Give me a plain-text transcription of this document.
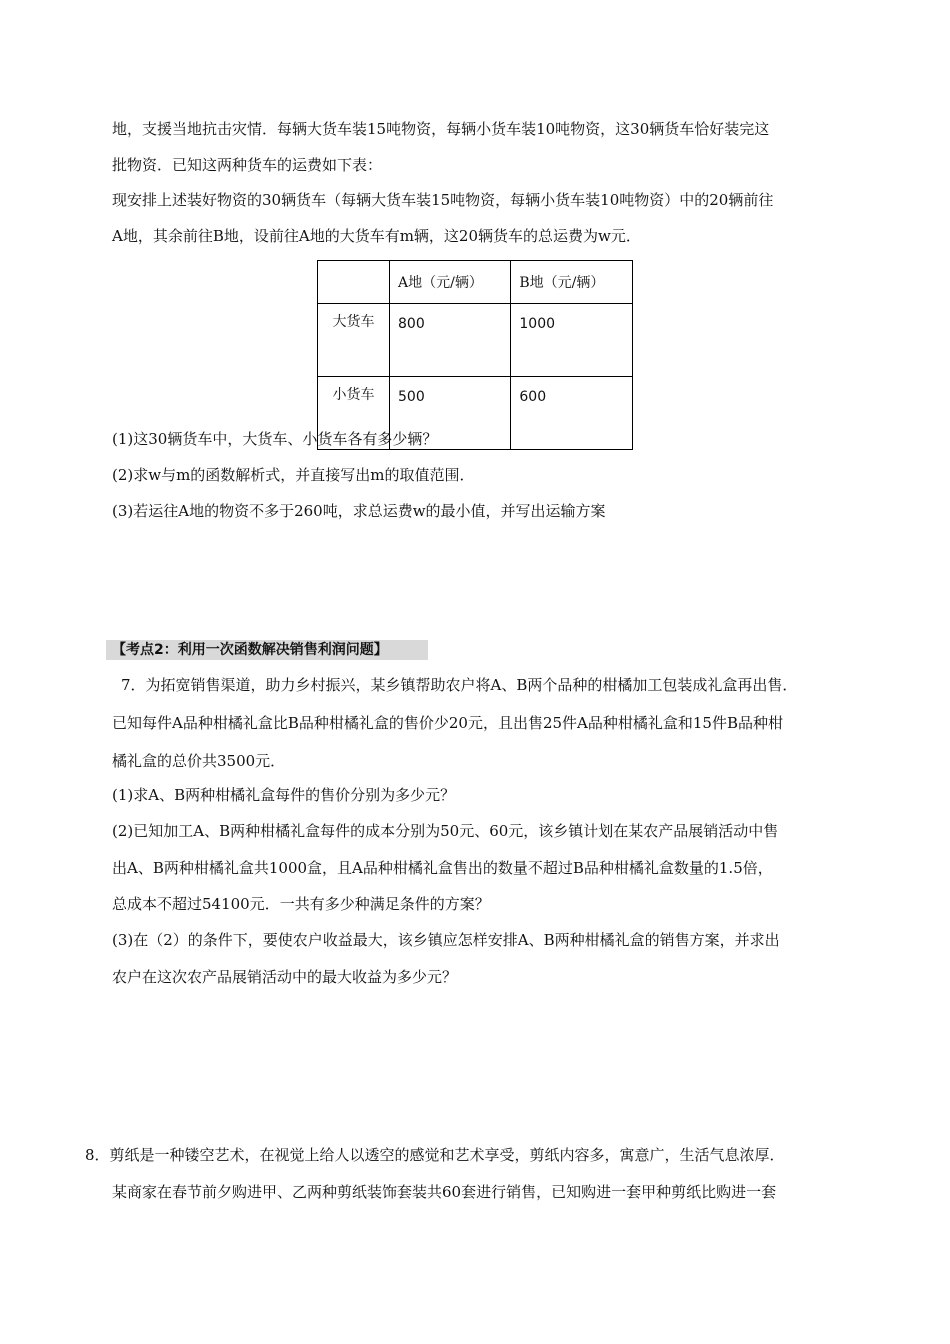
地，支援当地抗击灾情．每辆大货车装15吨物资，每辆小货车装10吨物资，这30辆货车恰好装完这
批物资．已知这两种货车的运费如下表：
现安排上述装好物资的30辆货车（每辆大货车装15吨物资，每辆小货车装10吨物资）中的20辆前往
A地，其余前往B地，设前往A地的大货车有m辆，这20辆货车的总运费为w元．
	A地（元/辆）	B地（元/辆）
大货车	800	1000
小货车	500	600
(1)这30辆货车中，大货车、小货车各有多少辆？
(2)求w与m的函数解析式，并直接写出m的取值范围．
(3)若运往A地的物资不多于260吨，求总运费w的最小值，并写出运输方案
【考点2：利用一次函数解决销售利润问题】
7．为拓宽销售渠道，助力乡村振兴，某乡镇帮助农户将A、B两个品种的柑橘加工包装成礼盒再出售．
已知每件A品种柑橘礼盒比B品种柑橘礼盒的售价少20元，且出售25件A品种柑橘礼盒和15件B品种柑
橘礼盒的总价共3500元．
(1)求A、B两种柑橘礼盒每件的售价分别为多少元？
(2)已知加工A、B两种柑橘礼盒每件的成本分别为50元、60元，该乡镇计划在某农产品展销活动中售
出A、B两种柑橘礼盒共1000盒，且A品种柑橘礼盒售出的数量不超过B品种柑橘礼盒数量的1.5倍，
总成本不超过54100元．一共有多少种满足条件的方案？
(3)在（2）的条件下，要使农户收益最大，该乡镇应怎样安排A、B两种柑橘礼盒的销售方案，并求出
农户在这次农产品展销活动中的最大收益为多少元？
8．剪纸是一种镂空艺术，在视觉上给人以透空的感觉和艺术享受，剪纸内容多，寓意广，生活气息浓厚．
某商家在春节前夕购进甲、乙两种剪纸装饰套装共60套进行销售，已知购进一套甲种剪纸比购进一套
